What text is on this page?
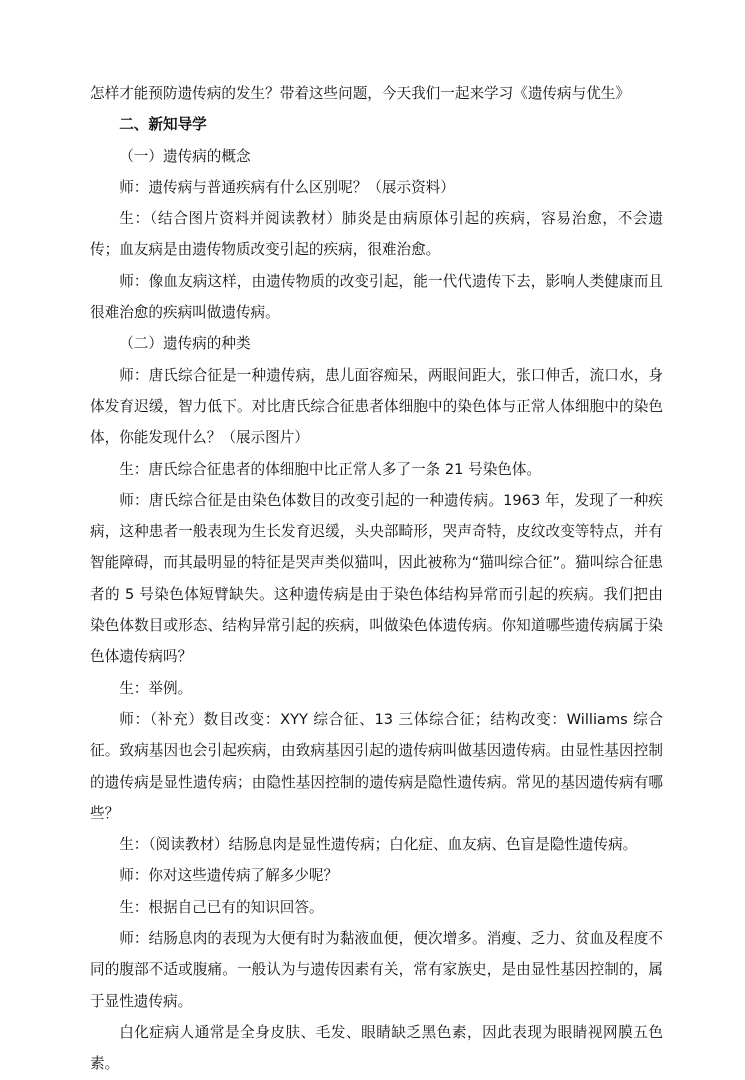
怎样才能预防遗传病的发生？带着这些问题，今天我们一起来学习《遗传病与优生》

二、新知导学

（一）遗传病的概念

师：遗传病与普通疾病有什么区别呢？（展示资料）

生：（结合图片资料并阅读教材）肺炎是由病原体引起的疾病，容易治愈，不会遗传；血友病是由遗传物质改变引起的疾病，很难治愈。

师：像血友病这样，由遗传物质的改变引起，能一代代遗传下去，影响人类健康而且很难治愈的疾病叫做遗传病。

（二）遗传病的种类

师：唐氏综合征是一种遗传病，患儿面容痴呆，两眼间距大，张口伸舌，流口水，身体发育迟缓，智力低下。对比唐氏综合征患者体细胞中的染色体与正常人体细胞中的染色体，你能发现什么？（展示图片）

生：唐氏综合征患者的体细胞中比正常人多了一条 21 号染色体。

师：唐氏综合征是由染色体数目的改变引起的一种遗传病。1963 年，发现了一种疾病，这种患者一般表现为生长发育迟缓，头央部畸形，哭声奇特，皮纹改变等特点，并有智能障碍，而其最明显的特征是哭声类似猫叫，因此被称为“猫叫综合征”。猫叫综合征患者的 5 号染色体短臂缺失。这种遗传病是由于染色体结构异常而引起的疾病。我们把由染色体数目或形态、结构异常引起的疾病，叫做染色体遗传病。你知道哪些遗传病属于染色体遗传病吗？

生：举例。

师：（补充）数目改变：XYY 综合征、13 三体综合征；结构改变：Williams 综合征。致病基因也会引起疾病，由致病基因引起的遗传病叫做基因遗传病。由显性基因控制的遗传病是显性遗传病；由隐性基因控制的遗传病是隐性遗传病。常见的基因遗传病有哪些？

生：（阅读教材）结肠息肉是显性遗传病；白化症、血友病、色盲是隐性遗传病。

师：你对这些遗传病了解多少呢？

生：根据自己已有的知识回答。

师：结肠息肉的表现为大便有时为黏液血便，便次增多。消瘦、乏力、贫血及程度不同的腹部不适或腹痛。一般认为与遗传因素有关，常有家族史，是由显性基因控制的，属于显性遗传病。

白化症病人通常是全身皮肤、毛发、眼睛缺乏黑色素，因此表现为眼睛视网膜五色素。
